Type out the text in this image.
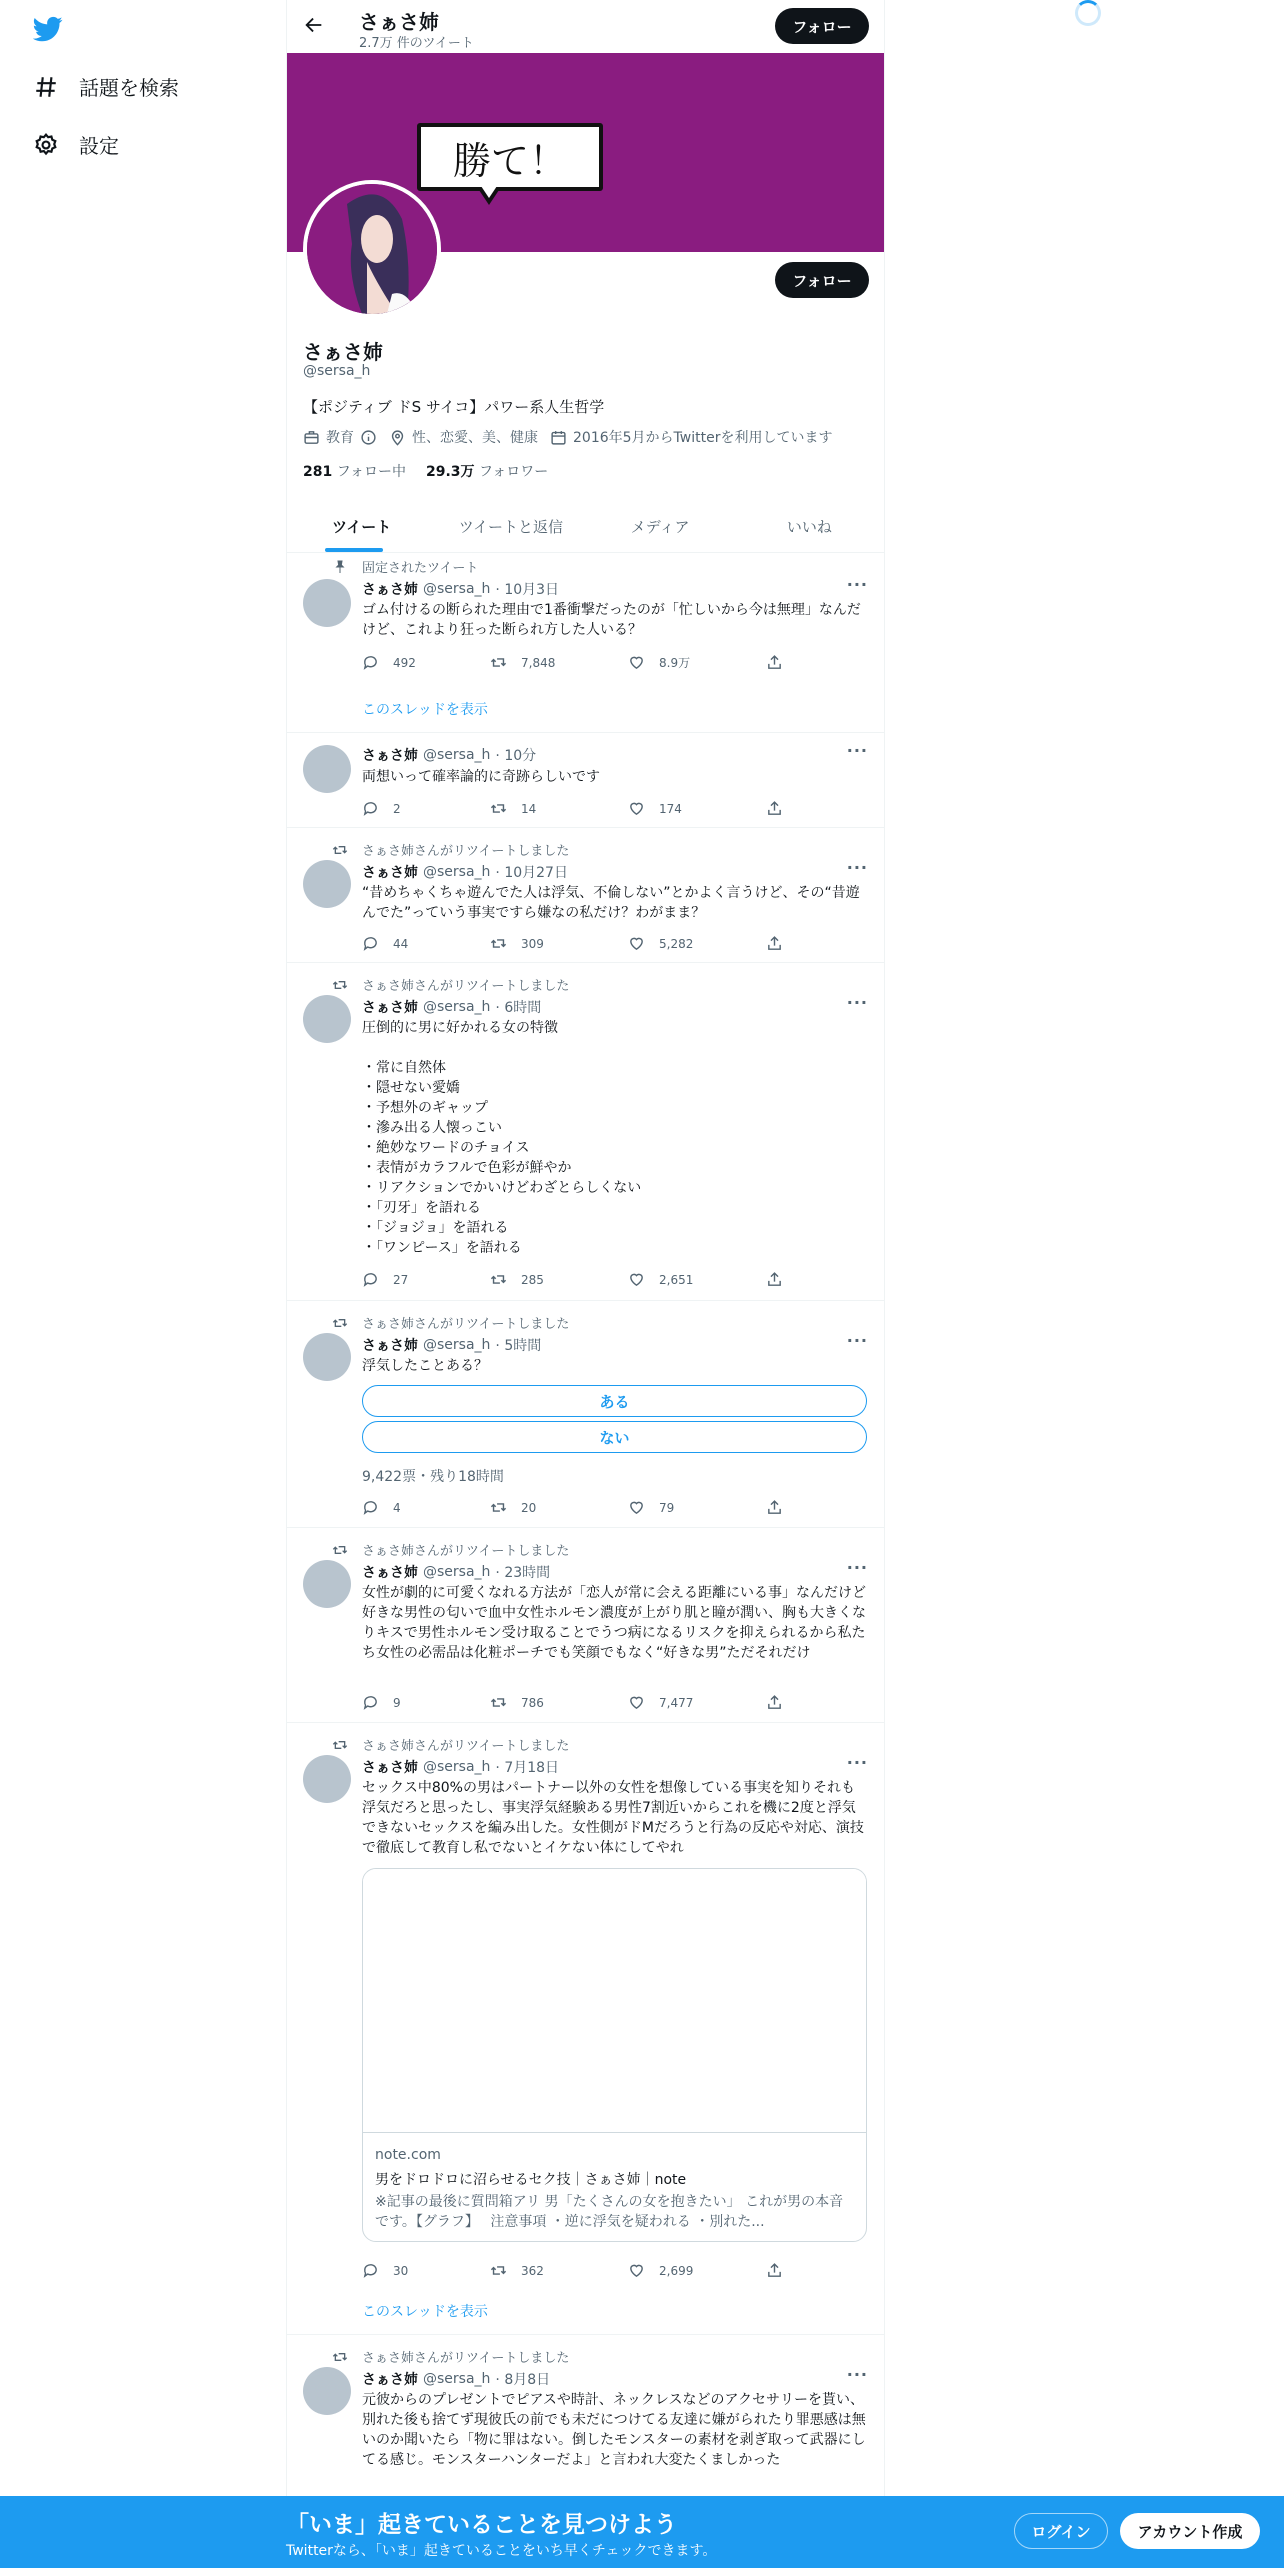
話題を検索
設定
さぁさ姉
2.7万 件のツイート
フォロー
勝て！
フォロー
さぁさ姉
@sersa_h
【ポジティブ ドS サイコ】パワー系人生哲学
教育	性、恋愛、美、健康	2016年5月からTwitterを利用しています
281 フォロー中 29.3万 フォロワー
ツイート	ツイートと返信	メディア	いいね
固定されたツイート
さぁさ姉 @sersa_h · 10月3日	···
ゴム付けるの断られた理由で1番衝撃だったのが「忙しいから今は無理」なんだけど、これより狂った断られ方した人いる？
492	7,848	8.9万
このスレッドを表示
さぁさ姉 @sersa_h · 10分	···
両想いって確率論的に奇跡らしいです
2	14	174
さぁさ姉さんがリツイートしました
さぁさ姉 @sersa_h · 10月27日	···
“昔めちゃくちゃ遊んでた人は浮気、不倫しない”とかよく言うけど、その“昔遊んでた”っていう事実ですら嫌なの私だけ？わがまま？
44	309	5,282
さぁさ姉さんがリツイートしました
さぁさ姉 @sersa_h · 6時間	···
圧倒的に男に好かれる女の特徴

・常に自然体
・隠せない愛嬌
・予想外のギャップ
・滲み出る人懐っこい
・絶妙なワードのチョイス
・表情がカラフルで色彩が鮮やか
・リアクションでかいけどわざとらしくない
・「刃牙」を語れる
・「ジョジョ」を語れる
・「ワンピース」を語れる
27	285	2,651
さぁさ姉さんがリツイートしました
さぁさ姉 @sersa_h · 5時間	···
浮気したことある？
ある
ない
9,422票・残り18時間
4	20	79
さぁさ姉さんがリツイートしました
さぁさ姉 @sersa_h · 23時間	···
女性が劇的に可愛くなれる方法が「恋人が常に会える距離にいる事」なんだけど好きな男性の匂いで血中女性ホルモン濃度が上がり肌と瞳が潤い、胸も大きくなりキスで男性ホルモン受け取ることでうつ病になるリスクを抑えられるから私たち女性の必需品は化粧ポーチでも笑顔でもなく“好きな男”ただそれだけ
9	786	7,477
さぁさ姉さんがリツイートしました
さぁさ姉 @sersa_h · 7月18日	···
セックス中80%の男はパートナー以外の女性を想像している事実を知りそれも浮気だろと思ったし、事実浮気経験ある男性7割近いからこれを機に2度と浮気できないセックスを編み出した。女性側がドMだろうと行為の反応や対応、演技で徹底して教育し私でないとイケない体にしてやれ
note.com
男をドロドロに沼らせるセク技｜さぁさ姉｜note
※記事の最後に質問箱アリ 男「たくさんの女を抱きたい」 これが男の本音です。【グラフ】　 注意事項 ・逆に浮気を疑われる ・別れた...
30	362	2,699
このスレッドを表示
さぁさ姉さんがリツイートしました
さぁさ姉 @sersa_h · 8月8日	···
元彼からのプレゼントでピアスや時計、ネックレスなどのアクセサリーを貰い、別れた後も捨てず現彼氏の前でも未だにつけてる友達に嫌がられたり罪悪感は無いのか聞いたら「物に罪はない。倒したモンスターの素材を剥ぎ取って武器にしてる感じ。モンスターハンターだよ」と言われ大変たくましかった
「いま」起きていることを見つけよう
Twitterなら、「いま」起きていることをいち早くチェックできます。
ログイン	アカウント作成
